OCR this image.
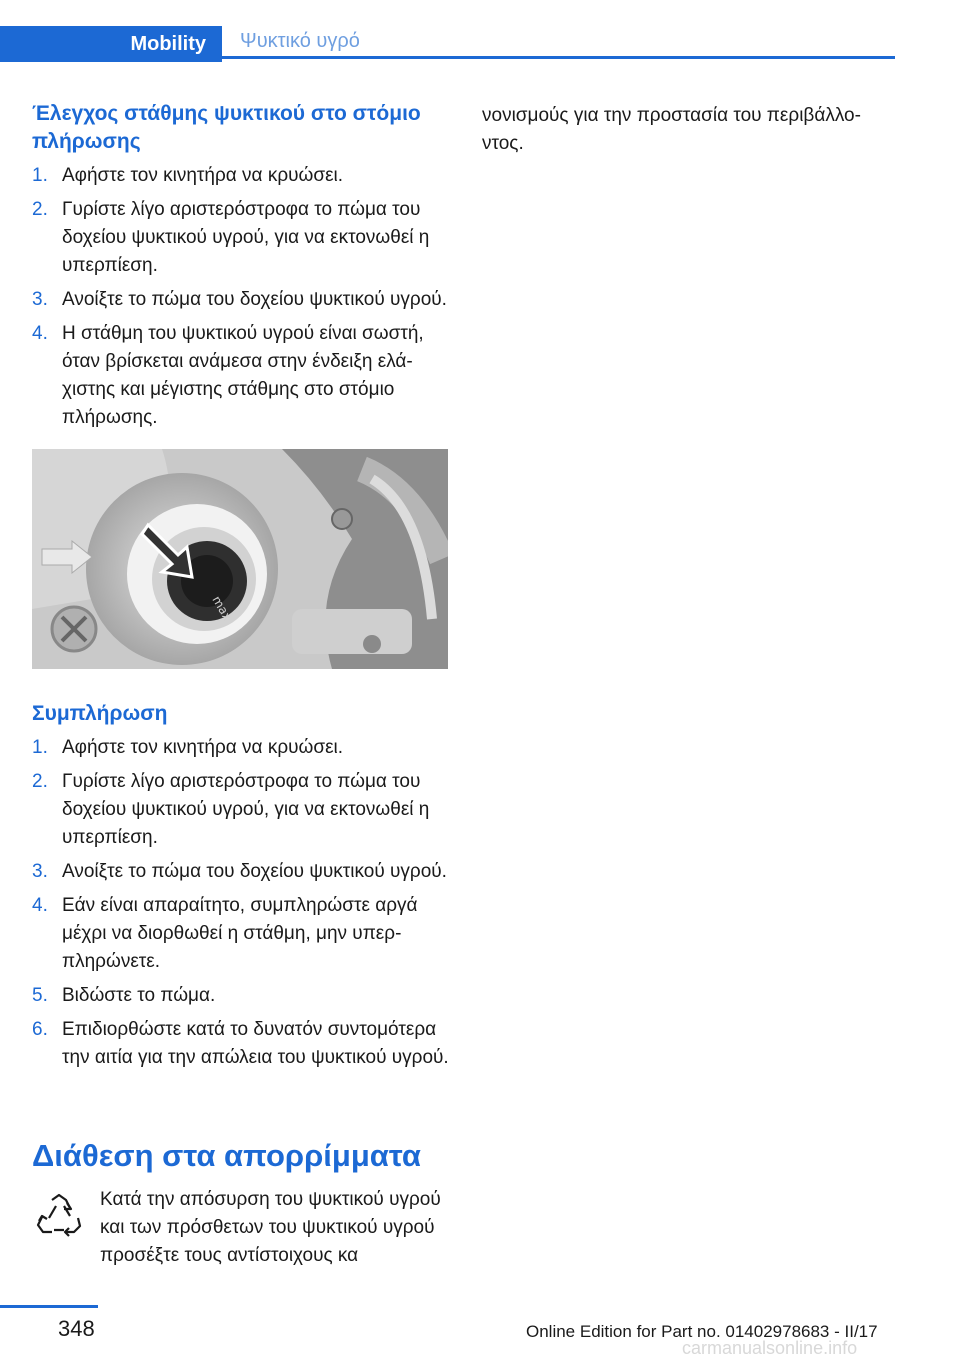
Mobility	Ψυκτικό υγρό
Έλεγχος στάθμης ψυκτικού στο στόμιο πλήρωσης
1. Αφήστε τον κινητήρα να κρυώσει.
2. Γυρίστε λίγο αριστερόστροφα το πώμα του δοχείου ψυκτικού υγρού, για να εκτονωθεί η υπερπίεση.
3. Ανοίξτε το πώμα του δοχείου ψυκτικού υγρού.
4. Η στάθμη του ψυκτικού υγρού είναι σωστή, όταν βρίσκεται ανάμεσα στην ένδειξη ελάχιστης και μέγιστης στάθμης στο στόμιο πλήρωσης.
max
Συμπλήρωση
1. Αφήστε τον κινητήρα να κρυώσει.
2. Γυρίστε λίγο αριστερόστροφα το πώμα του δοχείου ψυκτικού υγρού, για να εκτονωθεί η υπερπίεση.
3. Ανοίξτε το πώμα του δοχείου ψυκτικού υγρού.
4. Εάν είναι απαραίτητο, συμπληρώστε αργά μέχρι να διορθωθεί η στάθμη, μην υπερπληρώνετε.
5. Βιδώστε το πώμα.
6. Επιδιορθώστε κατά το δυνατόν συντομότερα την αιτία για την απώλεια του ψυκτικού υγρού.
Διάθεση στα απορρίμματα
Κατά την απόσυρση του ψυκτικού υγρού και των πρόσθετων του ψυκτικού υγρού προσέξτε τους αντίστοιχους κα
νονισμούς για την προστασία του περιβάλλοντος.
348	Online Edition for Part no. 01402978683 - II/17
carmanualsonline.info
